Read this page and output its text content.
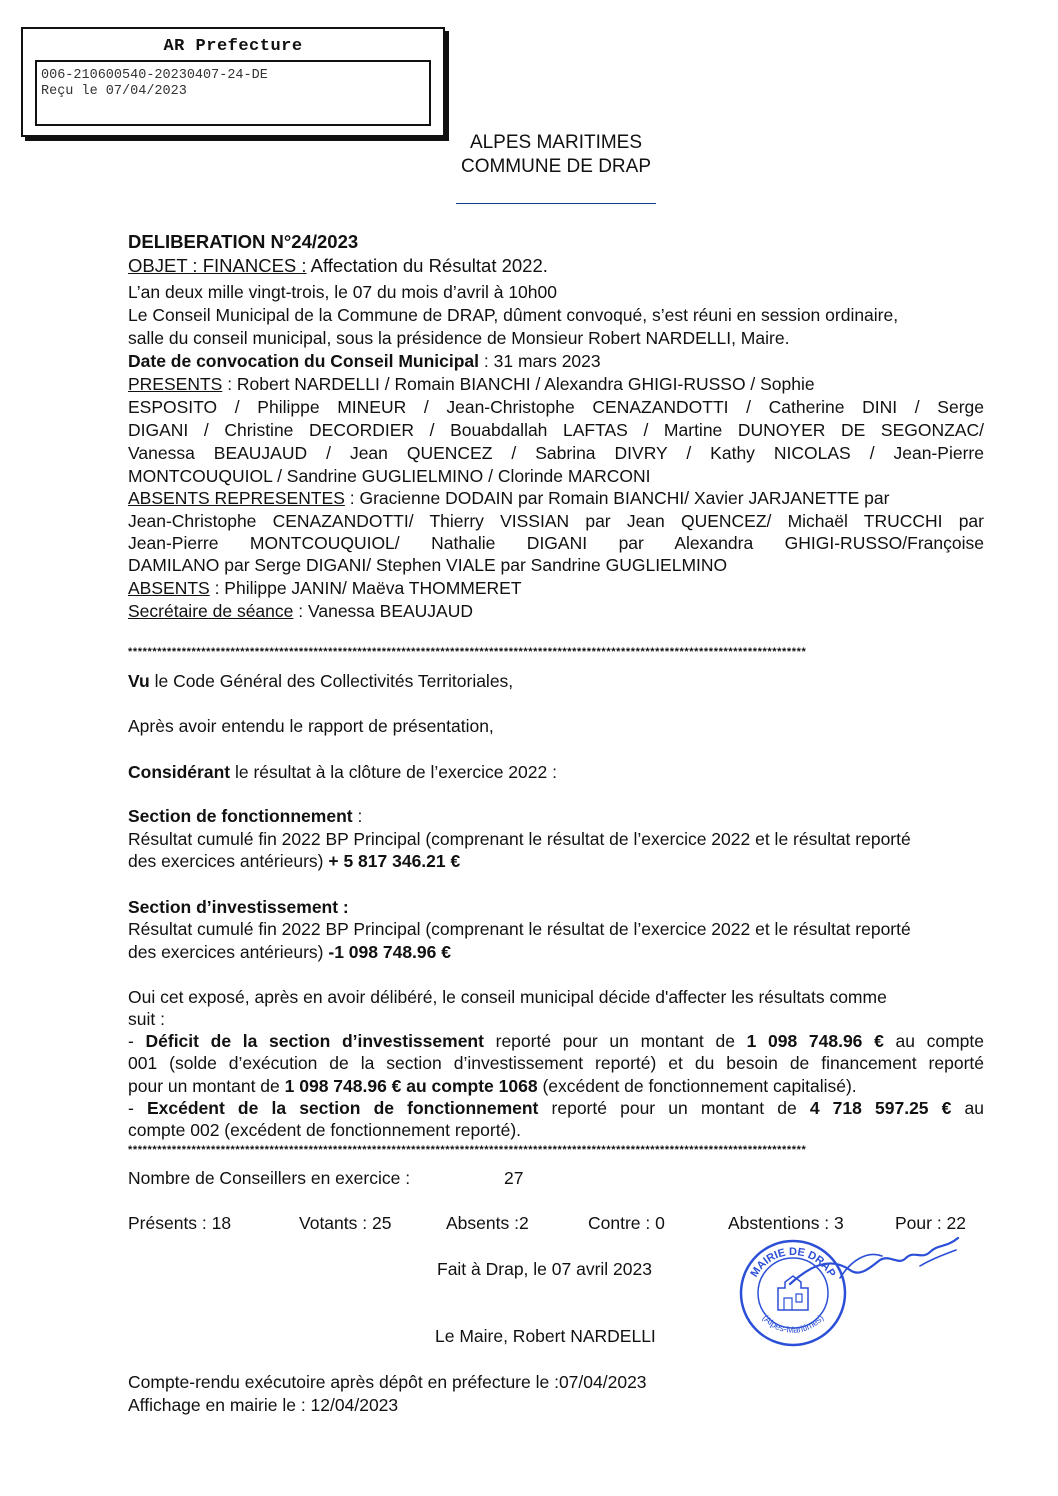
AR Prefecture
006-210600540-20230407-24-DE
Reçu le 07/04/2023
ALPES MARITIMES
COMMUNE DE DRAP
DELIBERATION N°24/2023
OBJET : FINANCES : Affectation du Résultat 2022.
L’an deux mille vingt-trois, le 07 du mois d’avril à 10h00
Le Conseil Municipal de la Commune de DRAP, dûment convoqué, s’est réuni en session ordinaire,
salle du conseil municipal, sous la présidence de Monsieur Robert NARDELLI, Maire.
Date de convocation du Conseil Municipal : 31 mars 2023
PRESENTS : Robert NARDELLI / Romain BIANCHI / Alexandra GHIGI-RUSSO / Sophie
ESPOSITO / Philippe MINEUR / Jean-Christophe CENAZANDOTTI / Catherine DINI / Serge
DIGANI / Christine DECORDIER / Bouabdallah LAFTAS / Martine DUNOYER DE SEGONZAC/
Vanessa BEAUJAUD / Jean QUENCEZ / Sabrina DIVRY / Kathy NICOLAS / Jean-Pierre
MONTCOUQUIOL / Sandrine GUGLIELMINO / Clorinde MARCONI
ABSENTS REPRESENTES : Gracienne DODAIN par Romain BIANCHI/ Xavier JARJANETTE par
Jean-Christophe CENAZANDOTTI/ Thierry VISSIAN par Jean QUENCEZ/ Michaël TRUCCHI par
Jean-Pierre MONTCOUQUIOL/ Nathalie DIGANI par Alexandra GHIGI-RUSSO/Françoise
DAMILANO par Serge DIGANI/ Stephen VIALE par Sandrine GUGLIELMINO
ABSENTS : Philippe JANIN/ Maëva THOMMERET
Secrétaire de séance : Vanessa BEAUJAUD
*******************************************************************************************************************************************
Vu le Code Général des Collectivités Territoriales,
Après avoir entendu le rapport de présentation,
Considérant le résultat à la clôture de l’exercice 2022 :
Section de fonctionnement :
Résultat cumulé fin 2022 BP Principal (comprenant le résultat de l’exercice 2022 et le résultat reporté
des exercices antérieurs) + 5 817 346.21 €
Section d’investissement :
Résultat cumulé fin 2022 BP Principal (comprenant le résultat de l’exercice 2022 et le résultat reporté
des exercices antérieurs) -1 098 748.96 €
Oui cet exposé, après en avoir délibéré, le conseil municipal décide d'affecter les résultats comme
suit :
- Déficit de la section d’investissement reporté pour un montant de 1 098 748.96 € au compte
001 (solde d’exécution de la section d’investissement reporté) et du besoin de financement reporté
pour un montant de 1 098 748.96 € au compte 1068 (excédent de fonctionnement capitalisé).
- Excédent de la section de fonctionnement reporté pour un montant de 4 718 597.25 € au
compte 002 (excédent de fonctionnement reporté).
*******************************************************************************************************************************************
Nombre de Conseillers en exercice :	27
Présents : 18	Votants : 25	Absents :2	Contre : 0	Abstentions : 3	Pour : 22
Fait à Drap, le 07 avril 2023
Le Maire, Robert NARDELLI
Compte-rendu exécutoire après dépôt en préfecture le :07/04/2023
Affichage en mairie le : 12/04/2023
MAIRIE DE DRAP
(Alpes-Maritimes)
